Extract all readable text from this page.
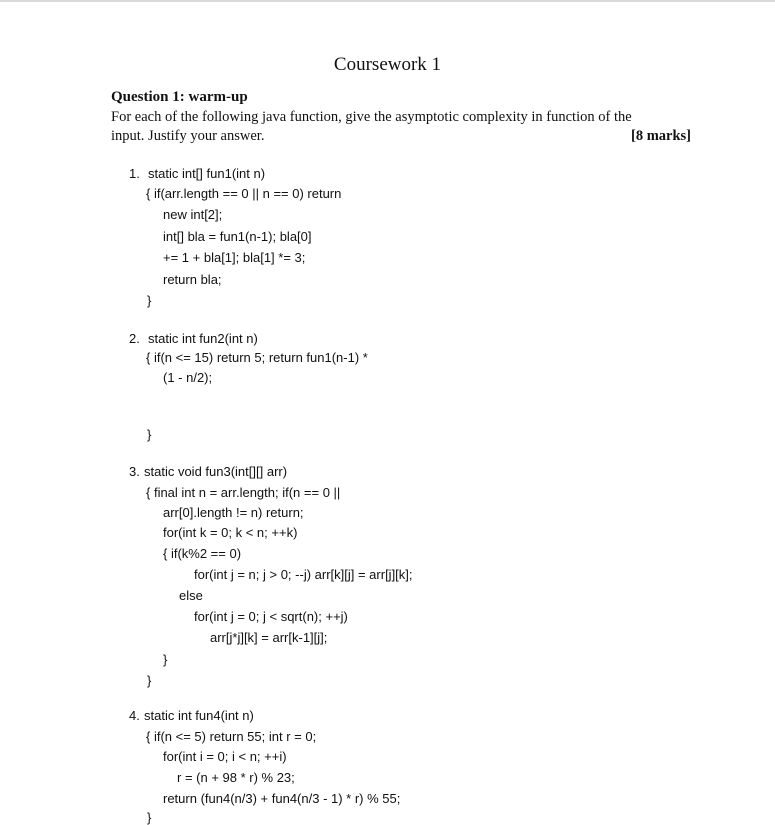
Coursework 1
Question 1: warm-up
For each of the following java function, give the asymptotic complexity in function of the
input. Justify your answer.	[8 marks]
1. static int[] fun1(int n)
{ if(arr.length == 0 || n == 0) return
new int[2];
int[] bla = fun1(n-1); bla[0]
+= 1 + bla[1]; bla[1] *= 3;
return bla;
}
2. static int fun2(int n)
{ if(n <= 15) return 5; return fun1(n-1) *
(1 - n/2);
}
3. static void fun3(int[][] arr)
{ final int n = arr.length; if(n == 0 ||
arr[0].length != n) return;
for(int k = 0; k < n; ++k)
{ if(k%2 == 0)
for(int j = n; j > 0; --j) arr[k][j] = arr[j][k];
else
for(int j = 0; j < sqrt(n); ++j)
arr[j*j][k] = arr[k-1][j];
}
}
4. static int fun4(int n)
{ if(n <= 5) return 55; int r = 0;
for(int i = 0; i < n; ++i)
r = (n + 98 * r) % 23;
return (fun4(n/3) + fun4(n/3 - 1) * r) % 55;
}
